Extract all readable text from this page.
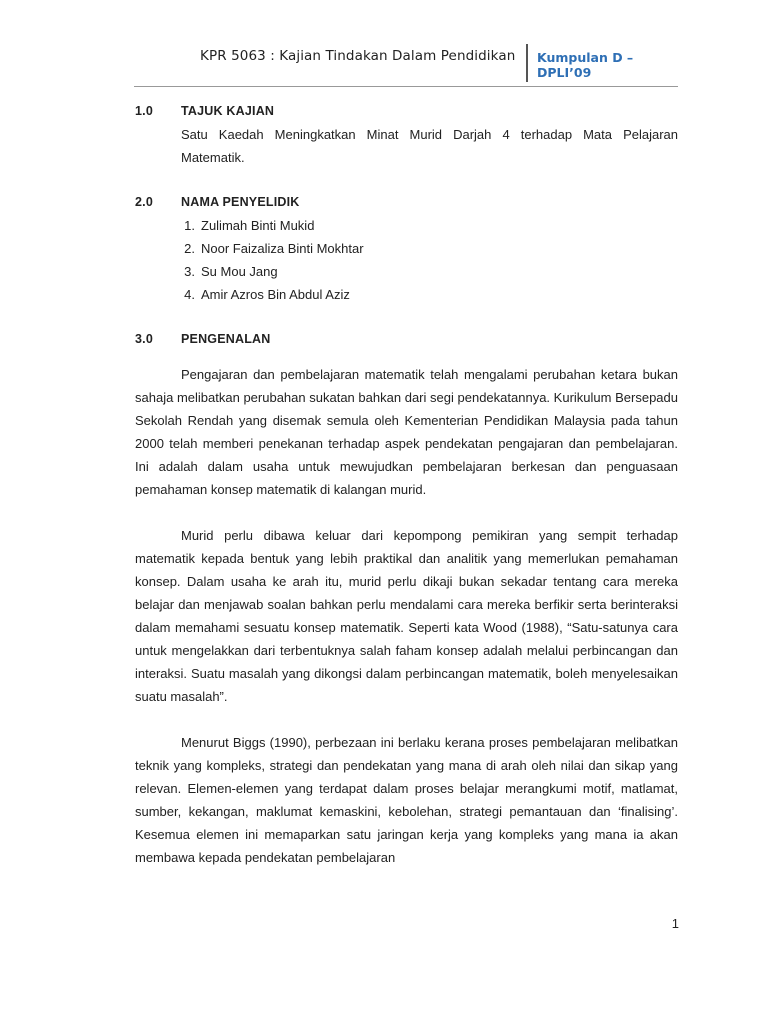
KPR 5063 : Kajian Tindakan Dalam Pendidikan	Kumpulan D –
DPLI’09
1.0	TAJUK KAJIAN
Satu Kaedah Meningkatkan Minat Murid Darjah 4 terhadap Mata Pelajaran Matematik.
2.0	NAMA PENYELIDIK
1. Zulimah Binti Mukid
2. Noor Faizaliza Binti Mokhtar
3. Su Mou Jang
4. Amir Azros Bin Abdul Aziz
3.0	PENGENALAN

Pengajaran dan pembelajaran matematik telah mengalami perubahan ketara bukan sahaja melibatkan perubahan sukatan bahkan dari segi pendekatannya. Kurikulum Bersepadu Sekolah Rendah yang disemak semula oleh Kementerian Pendidikan Malaysia pada tahun 2000 telah memberi penekanan terhadap aspek pendekatan pengajaran dan pembelajaran. Ini adalah dalam usaha untuk mewujudkan pembelajaran berkesan dan penguasaan pemahaman konsep matematik di kalangan murid.

Murid perlu dibawa keluar dari kepompong pemikiran yang sempit terhadap matematik kepada bentuk yang lebih praktikal dan analitik yang memerlukan pemahaman konsep. Dalam usaha ke arah itu, murid perlu dikaji bukan sekadar tentang cara mereka belajar dan menjawab soalan bahkan perlu mendalami cara mereka berfikir serta berinteraksi dalam memahami sesuatu konsep matematik. Seperti kata Wood (1988), “Satu-satunya cara untuk mengelakkan dari terbentuknya salah faham konsep adalah melalui perbincangan dan interaksi. Suatu masalah yang dikongsi dalam perbincangan matematik, boleh menyelesaikan suatu masalah”.

Menurut Biggs (1990), perbezaan ini berlaku kerana proses pembelajaran melibatkan teknik yang kompleks, strategi dan pendekatan yang mana di arah oleh nilai dan sikap yang relevan. Elemen-elemen yang terdapat dalam proses belajar merangkumi motif, matlamat, sumber, kekangan, maklumat kemaskini, kebolehan, strategi pemantauan dan ‘finalising’. Kesemua elemen ini memaparkan satu jaringan kerja yang kompleks yang mana ia akan membawa kepada pendekatan pembelajaran

1
